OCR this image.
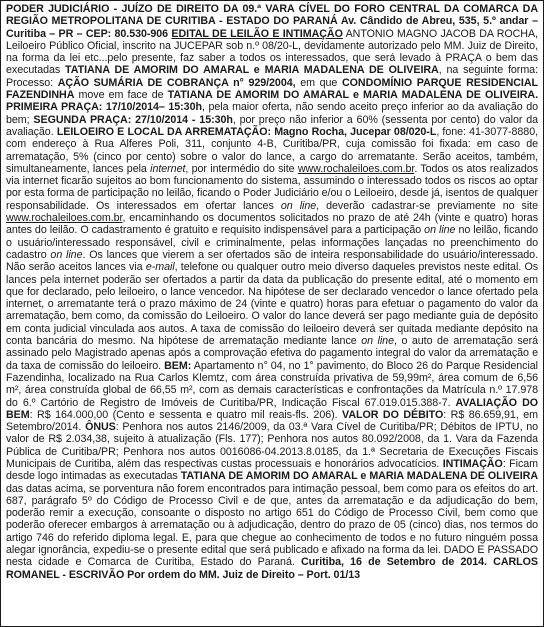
PODER JUDICIÁRIO - JUÍZO DE DIREITO DA 09.ª VARA CÍVEL DO FORO CENTRAL DA COMARCA DA REGIÃO METROPOLITANA DE CURITIBA - ESTADO DO PARANÁ Av. Cândido de Abreu, 535, 5.º andar – Curitiba – PR – CEP: 80.530-906 EDITAL DE LEILÃO E INTIMAÇÃO ANTONIO MAGNO JACOB DA ROCHA, Leiloeiro Público Oficial, inscrito na JUCEPAR sob n.º 08/20-L, devidamente autorizado pelo MM. Juiz de Direito, na forma da lei etc...pelo presente, faz saber a todos os interessados, que será levado à PRAÇA o bem das executadas TATIANA DE AMORIM DO AMARAL e MARIA MADALENA DE OLIVEIRA, na seguinte forma: Processo: AÇÃO SUMÁRIA DE COBRANÇA n° 929/2004, em que CONDOMÍNIO PARQUE RESIDENCIAL FAZENDINHA move em face de TATIANA DE AMORIM DO AMARAL e MARIA MADALENA DE OLIVEIRA. PRIMEIRA PRAÇA: 17/10/2014– 15:30h, pela maior oferta, não sendo aceito preço inferior ao da avaliação do bem; SEGUNDA PRAÇA: 27/10/2014 - 15:30h, por preço não inferior a 60% (sessenta por cento) do valor da avaliação. LEILOEIRO E LOCAL DA ARREMATAÇÃO: Magno Rocha, Jucepar 08/020-L, fone: 41-3077-8880, com endereço à Rua Alferes Poli, 311, conjunto 4-B, Curitiba/PR, cuja comissão foi fixada: em caso de arrematação, 5% (cinco por cento) sobre o valor do lance, a cargo do arrematante. Serão aceitos, também, simultaneamente, lances pela internet, por intermédio do site www.rochaleiloes.com.br. Todos os atos realizados via internet ficarão sujeitos ao bom funcionamento do sistema, assumindo o interessado todos os riscos ao optar por esta forma de participação no leilão, ficando o Poder Judiciário e/ou o Leiloeiro, desde já, isentos de qualquer responsabilidade. Os interessados em ofertar lances on line, deverão cadastrar-se previamente no site www.rochaleiloes.com.br, encaminhando os documentos solicitados no prazo de até 24h (vinte e quatro) horas antes do leilão. O cadastramento é gratuito e requisito indispensável para a participação on line no leilão, ficando o usuário/interessado responsável, civil e criminalmente, pelas informações lançadas no preenchimento do cadastro on line. Os lances que vierem a ser ofertados são de inteira responsabilidade do usuário/interessado. Não serão aceitos lances via e-mail, telefone ou qualquer outro meio diverso daqueles previstos neste edital. Os lances pela internet poderão ser ofertados a partir da data da publicação do presente edital, até o momento em que for declarado, pelo leiloeiro, o lance vencedor. Na hipótese de ser declarado vencedor o lance ofertado pela internet, o arrematante terá o prazo máximo de 24 (vinte e quatro) horas para efetuar o pagamento do valor da arrematação, bem como, da comissão do Leiloeiro. O valor do lance deverá ser pago mediante guia de depósito em conta judicial vinculada aos autos. A taxa de comissão do leiloeiro deverá ser quitada mediante depósito na conta bancária do mesmo. Na hipótese de arrematação mediante lance on line, o auto de arrematação será assinado pelo Magistrado apenas após a comprovação efetiva do pagamento integral do valor da arrematação e da taxa de comissão do leiloeiro. BEM: Apartamento n° 04, no 1° pavimento, do Bloco 26 do Parque Residencial Fazendinha, localizado na Rua Carlos Klemtz, com área construída privativa de 59,99m², área comum de 6,56 m², área construída global de 66,55 m², com as demais características e confrontações da Matrícula n.º 17.978 do 6.º Cartório de Registro de Imóveis de Curitiba/PR, Indicação Fiscal 67.019.015.388-7. AVALIAÇÃO DO BEM: R$ 164.000,00 (Cento e sessenta e quatro mil reais-fls. 206). VALOR DO DÉBITO: R$ 86.659,91, em Setembro/2014. ÔNUS: Penhora nos autos 2146/2009, da 03.ª Vara Cível de Curitiba/PR; Débitos de IPTU, no valor de R$ 2.034,38, sujeito à atualização (Fls. 177); Penhora nos autos 80.092/2008, da 1. Vara da Fazenda Pública de Curitiba/PR; Penhora nos autos 0016086-04.2013.8.0185, da 1.ª Secretaria de Execuções Fiscais Municipais de Curitiba, além das respectivas custas processuais e honorários advocatícios. INTIMAÇÃO: Ficam desde logo intimadas as executadas TATIANA DE AMORIM DO AMARAL e MARIA MADALENA DE OLIVEIRA das datas acima, se porventura não forem encontrados para intimação pessoal, bem como para os efeitos do art. 687, parágrafo 5º do Código de Processo Civil e de que, antes da arrematação e da adjudicação do bem, poderão remir a execução, consoante o disposto no artigo 651 do Código de Processo Civil, bem como que poderão oferecer embargos à arrematação ou à adjudicação, dentro do prazo de 05 (cinco) dias, nos termos do artigo 746 do referido diploma legal. E, para que chegue ao conhecimento de todos e no futuro ninguém possa alegar ignorância, expediu-se o presente edital que será publicado e afixado na forma da lei. DADO E PASSADO nesta cidade e Comarca de Curitiba, Estado do Paraná. Curitiba, 16 de Setembro de 2014. CARLOS ROMANEL - ESCRIVÃO Por ordem do MM. Juiz de Direito – Port. 01/13
